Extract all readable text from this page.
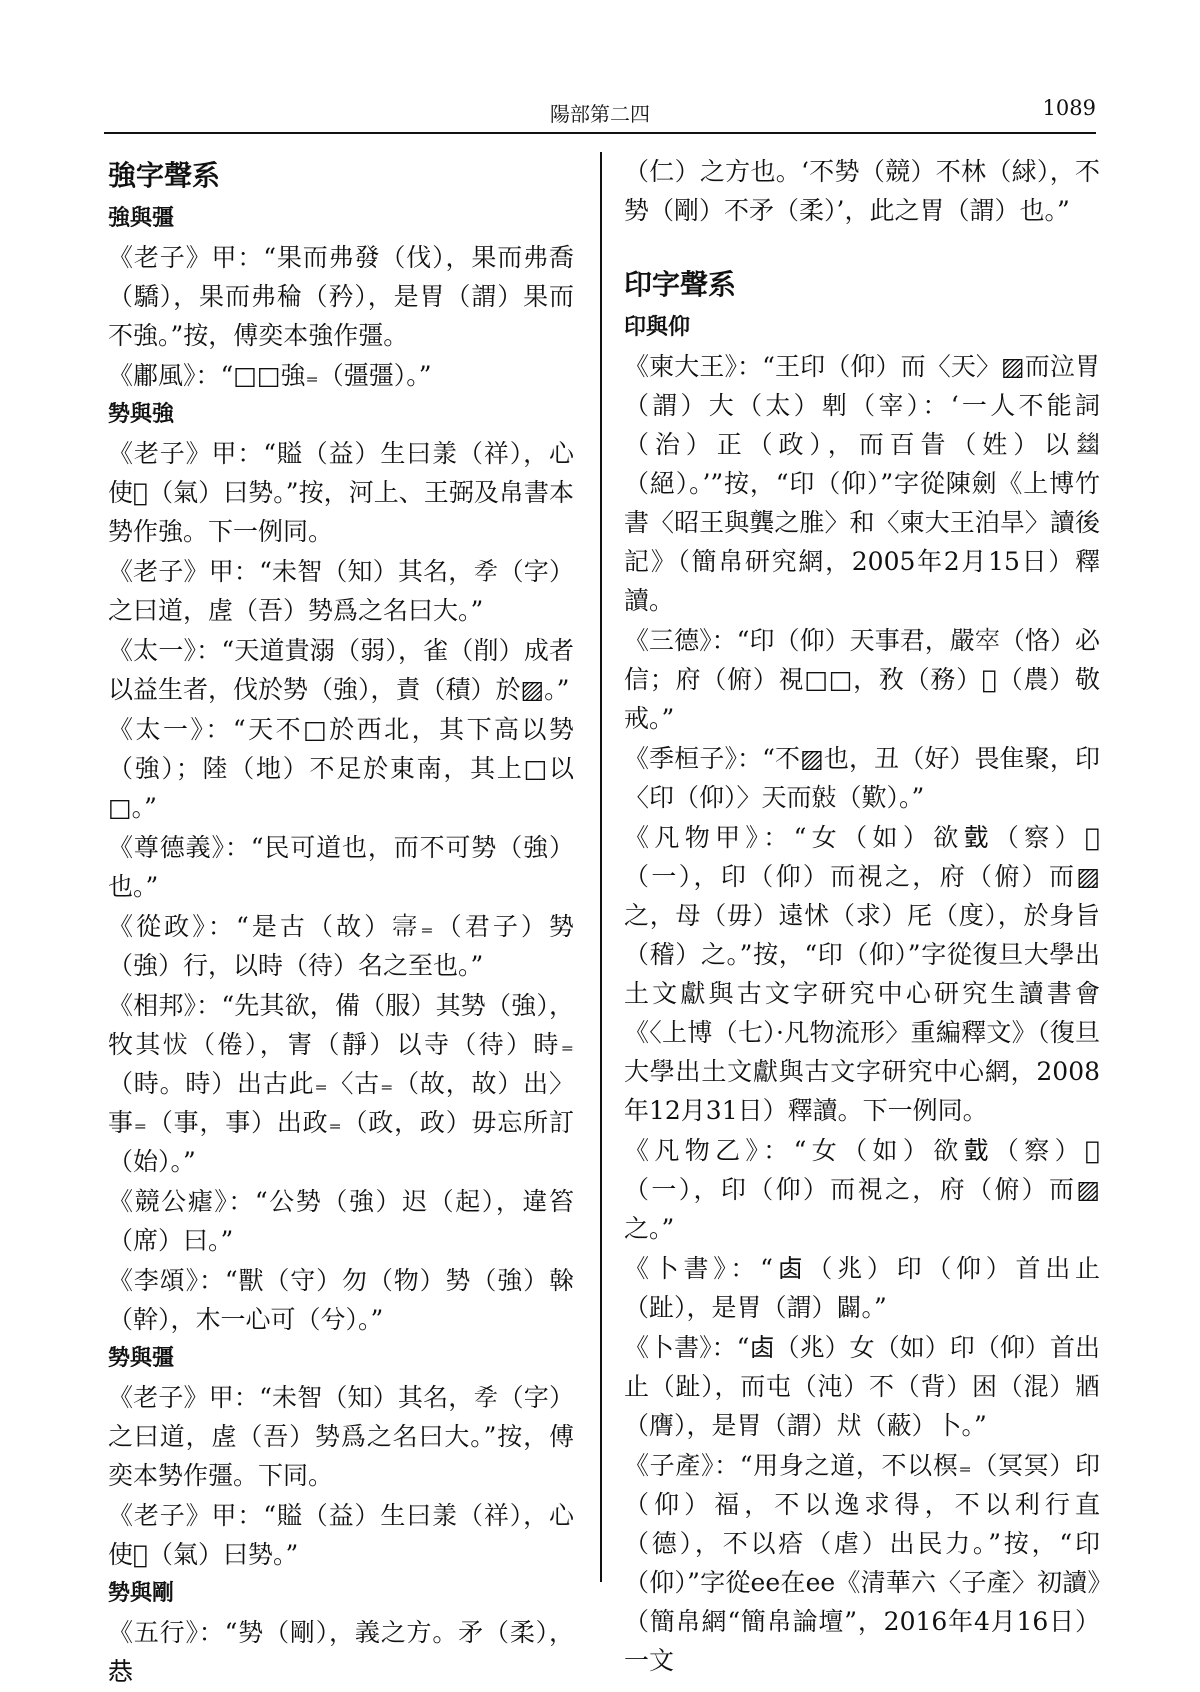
陽部第二四	1089
強字聲系
強與彊

《老子》甲：“果而弗發（伐），果而弗喬（驕），果而弗稐（矜），是胃（謂）果而不強。”按，傅奕本強作彊。

《鄘風》：“□□強₌（彊彊）。”

㔟與強

《老子》甲：“賹（益）生曰羕（祥），心使𠑡（氣）曰㔟。”按，河上、王弼及帛書本㔟作強。下一例同。

《老子》甲：“未智（知）其名，𡥉（字）之曰道，虗（吾）㔟爲之名曰大。”

《太一》：“天道貴溺（弱），雀（削）成者以益生者，伐於㔟（強），責（積）於▨。”

《太一》：“天不□於西北，其下高以㔟（強）；陸（地）不足於東南，其上□以□。”

《尊德義》：“民可道也，而不可㔟（強）也。”

《從政》：“是古（故）𡨦₌（君子）㔟（強）行，以時（待）名之至也。”

《相邦》：“先其欲，備（服）其㔟（強），牧其𢘀（倦），寈（靜）以寺（待）時₌（時。時）出古此₌〈古₌（故，故）出〉事₌（事，事）出政₌（政，政）毋忘所訂（始）。”

《競公瘧》：“公㔟（強）迟（起），違笞（席）曰。”

《李頌》：“獸（守）勿（物）㔟（強）榦（幹），木一心可（兮）。”

㔟與彊

《老子》甲：“未智（知）其名，𡥉（字）之曰道，虗（吾）㔟爲之名曰大。”按，傅奕本㔟作彊。下同。

《老子》甲：“賹（益）生曰羕（祥），心使𠑡（氣）曰㔟。”

㔟與剛

《五行》：“㔟（剛），義之方。矛（柔），𢙄

（仁）之方也。‘不㔟（競）不林（絿），不㔟（剛）不矛（柔）’，此之胃（謂）也。”

印字聲系
印與仰

《柬大王》：“王印（仰）而〈天〉▨而泣胃（謂）大（太）𠜱（宰）：‘一人不能詞（治）正（政），而百眚（姓）以𢇍（絕）。’”按，“印（仰）”字從陳劍《上博竹書〈昭王與龔之脽〉和〈柬大王泊旱〉讀後記》（簡帛研究網，2005年2月15日）釋讀。

《三德》：“印（仰）天事君，嚴𡨧（恪）必信；府（俯）視□□，敄（務）𦿧（農）敬戒。”

《季桓子》：“不▨也，丑（好）畏隹聚，印〈印（仰）〉天而𢿞（歎）。”

《凡物甲》：“女（如）欲𢧜（察）𠤭（一），印（仰）而視之，府（俯）而▨之，母（毋）遠怵（求）厇（度），於身旨（稽）之。”按，“印（仰）”字從復旦大學出土文獻與古文字研究中心研究生讀書會《〈上博（七）·凡物流形〉重編釋文》（復旦大學出土文獻與古文字研究中心網，2008年12月31日）釋讀。下一例同。

《凡物乙》：“女（如）欲𢧜（察）𠤭（一），印（仰）而視之，府（俯）而▨之。”

《卜書》：“𠧪（兆）印（仰）首出止（趾），是胃（謂）闢。”

《卜書》：“𠧪（兆）女（如）印（仰）首出止（趾），而屯（沌）不（背）困（混）𨟻（膺），是胃（謂）㹜（蔽）卜。”

《子產》：“用身之道，不以榠₌（冥冥）印（仰）福，不以逸求得，不以利行直（德），不以㾑（虐）出民力。”按，“印（仰）”字從ee在ee《清華六〈子產〉初讀》（簡帛網“簡帛論壇”，2016年4月16日）一文
